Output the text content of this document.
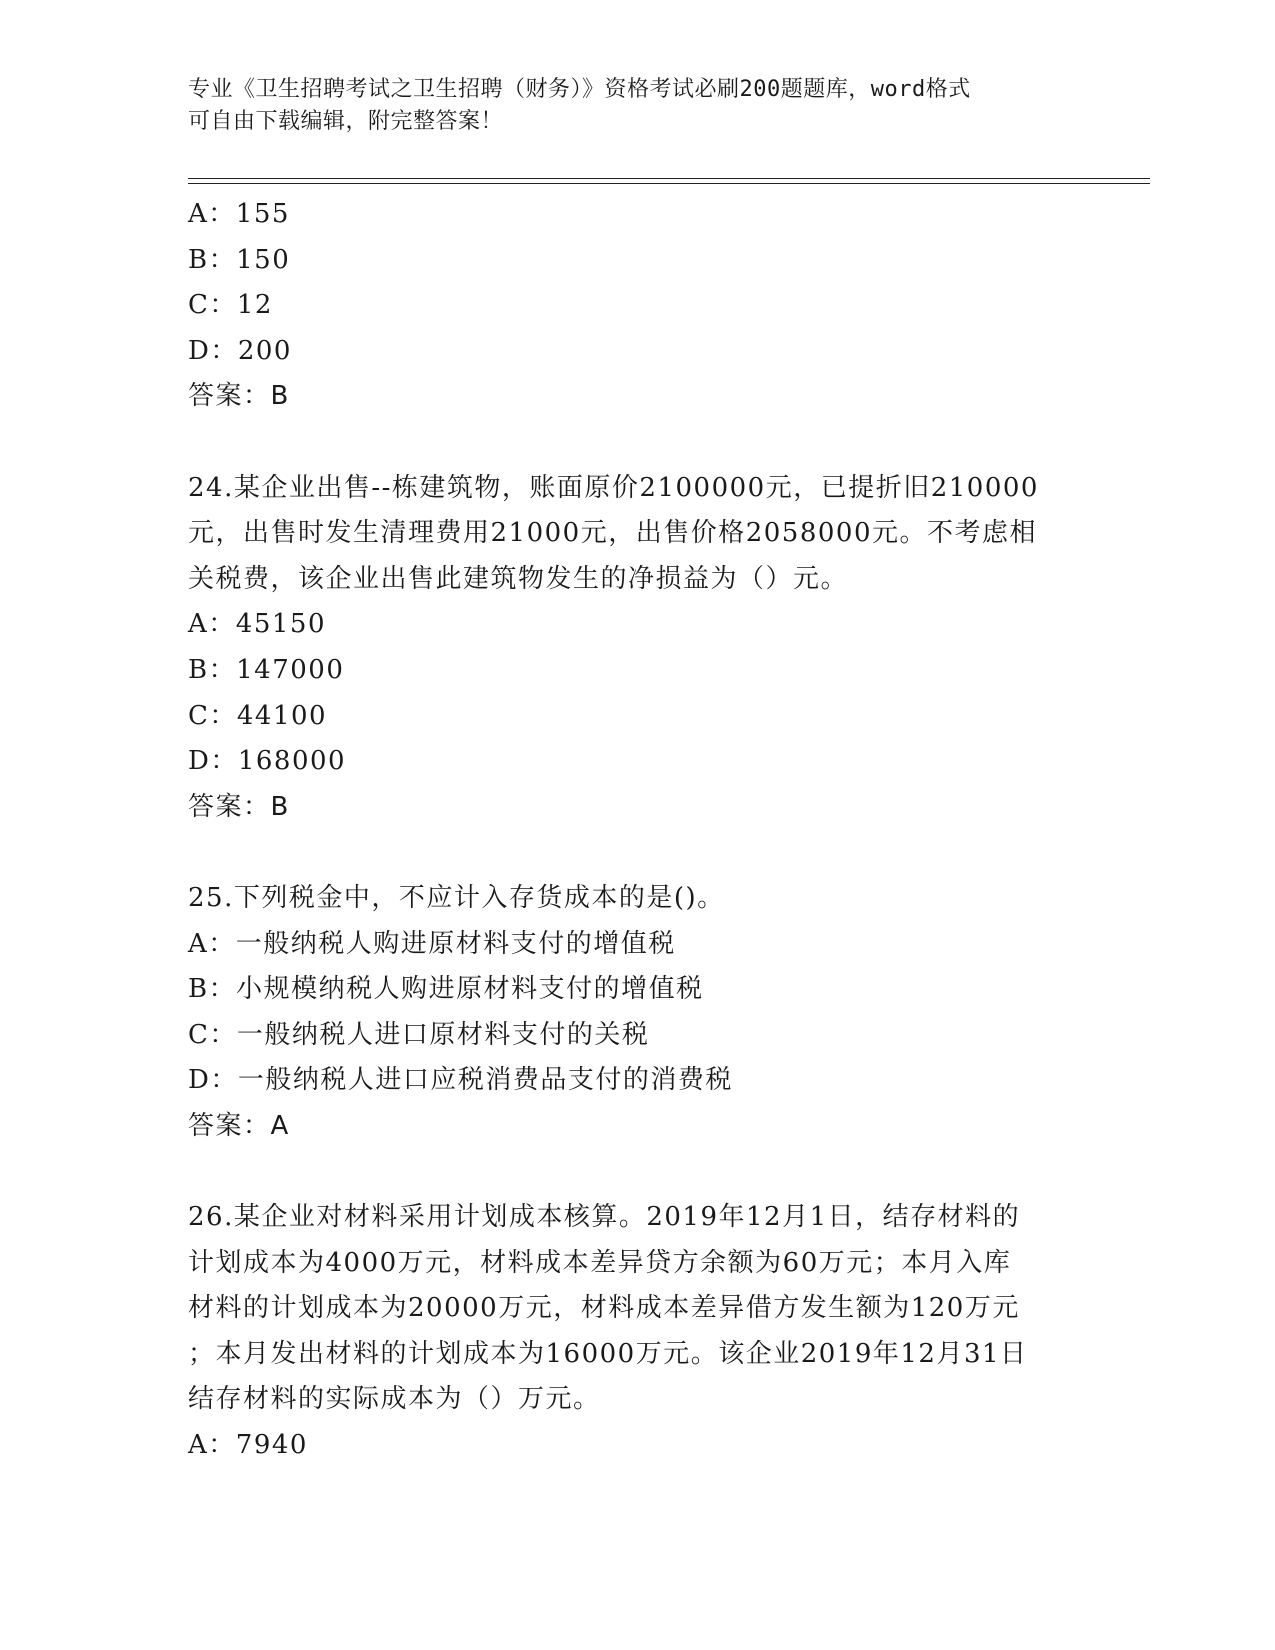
专业《卫生招聘考试之卫生招聘（财务）》资格考试必刷200题题库，word格式
可自由下载编辑，附完整答案！
A：155
B：150
C：12
D：200
答案：B
24.某企业出售--栋建筑物，账面原价2100000元，已提折旧210000
元，出售时发生清理费用21000元，出售价格2058000元。不考虑相
关税费，该企业出售此建筑物发生的净损益为（）元。
A：45150
B：147000
C：44100
D：168000
答案：B
25.下列税金中，不应计入存货成本的是()。
A：一般纳税人购进原材料支付的增值税
B：小规模纳税人购进原材料支付的增值税
C：一般纳税人进口原材料支付的关税
D：一般纳税人进口应税消费品支付的消费税
答案：A
26.某企业对材料采用计划成本核算。2019年12月1日，结存材料的
计划成本为4000万元，材料成本差异贷方余额为60万元；本月入库
材料的计划成本为20000万元，材料成本差异借方发生额为120万元
；本月发出材料的计划成本为16000万元。该企业2019年12月31日
结存材料的实际成本为（）万元。
A：7940
